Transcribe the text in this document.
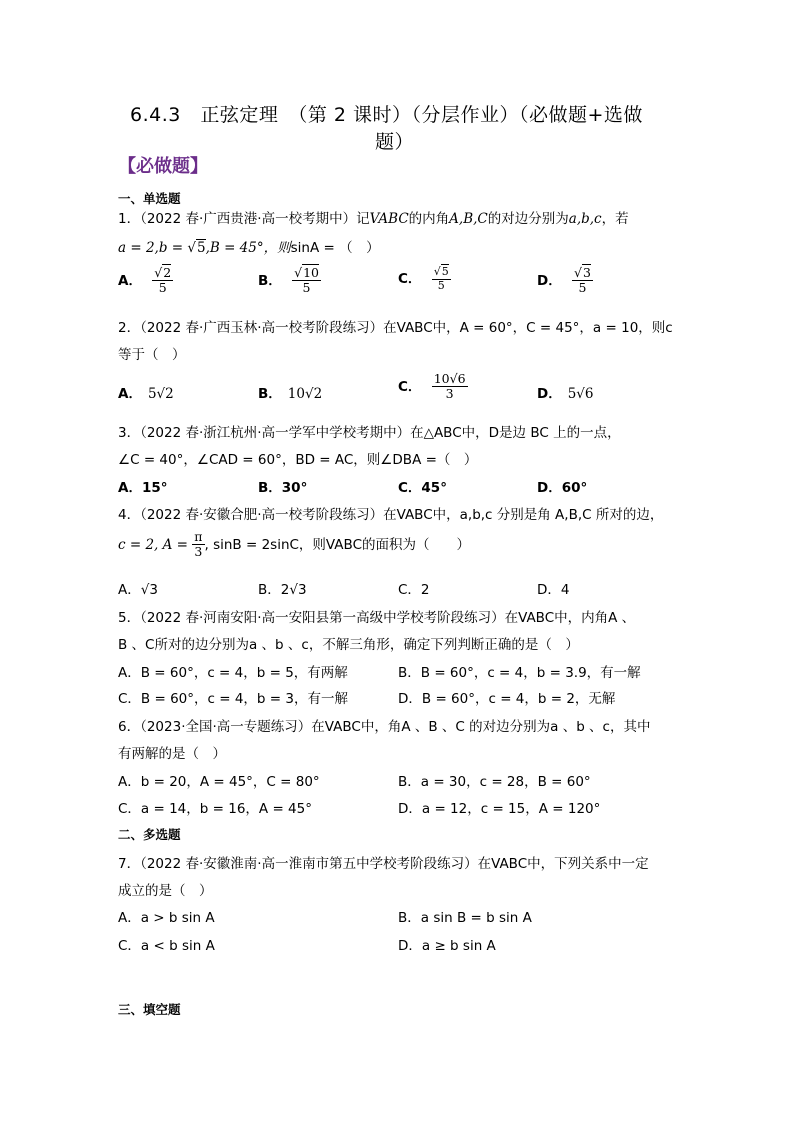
6.4.3　正弦定理　（第 2 课时）（分层作业）（必做题+选做
题）
【必做题】
一、单选题
1．（2022 春·广西贵港·高一校考期中）记VABC的内角A,B,C的对边分别为a,b,c，若
a = 2,b = √5,B = 45°，则sinA = （　）
A． $\frac{√2}{5}$	B． $\frac{√10}{5}$	C． $\frac{√5}{5}$	D． $\frac{√3}{5}$
2．（2022 春·广西玉林·高一校考阶段练习）在VABC中，A = 60°，C = 45°，a = 10，则c
等于（　）
A． 5√2	B． 10√2	C． $\frac{10√6}{3}$	D． 5√6
3．（2022 春·浙江杭州·高一学军中学校考期中）在△ABC中，D是边 BC 上的一点，
∠C = 40°，∠CAD = 60°，BD = AC，则∠DBA =（　）
A．15°	B．30°	C．45°	D．60°
4．（2022 春·安徽合肥·高一校考阶段练习）在VABC中，a,b,c 分别是角 A,B,C 所对的边，
c = 2, $A = \frac{\pi}{3}$ , sinB = 2sinC，则VABC的面积为（　　）
A．√3	B．2√3	C．2	D．4
5．（2022 春·河南安阳·高一安阳县第一高级中学校考阶段练习）在VABC中，内角A 、
B 、C所对的边分别为a 、b 、c，不解三角形，确定下列判断正确的是（　）
A．B = 60°，c = 4，b = 5，有两解	B．B = 60°，c = 4，b = 3.9，有一解
C．B = 60°，c = 4，b = 3，有一解	D．B = 60°，c = 4，b = 2，无解
6．（2023·全国·高一专题练习）在VABC中，角A 、B 、C 的对边分别为a 、b 、c，其中
有两解的是（　）
A．b = 20，A = 45°，C = 80°	B．a = 30，c = 28，B = 60°
C．a = 14，b = 16，A = 45°	D．a = 12，c = 15，A = 120°
二、多选题
7．（2022 春·安徽淮南·高一淮南市第五中学校考阶段练习）在VABC中，下列关系中一定
成立的是（　）
A．a > b sin A	B．a sin B = b sin A
C．a < b sin A	D．a ≥ b sin A
三、填空题
